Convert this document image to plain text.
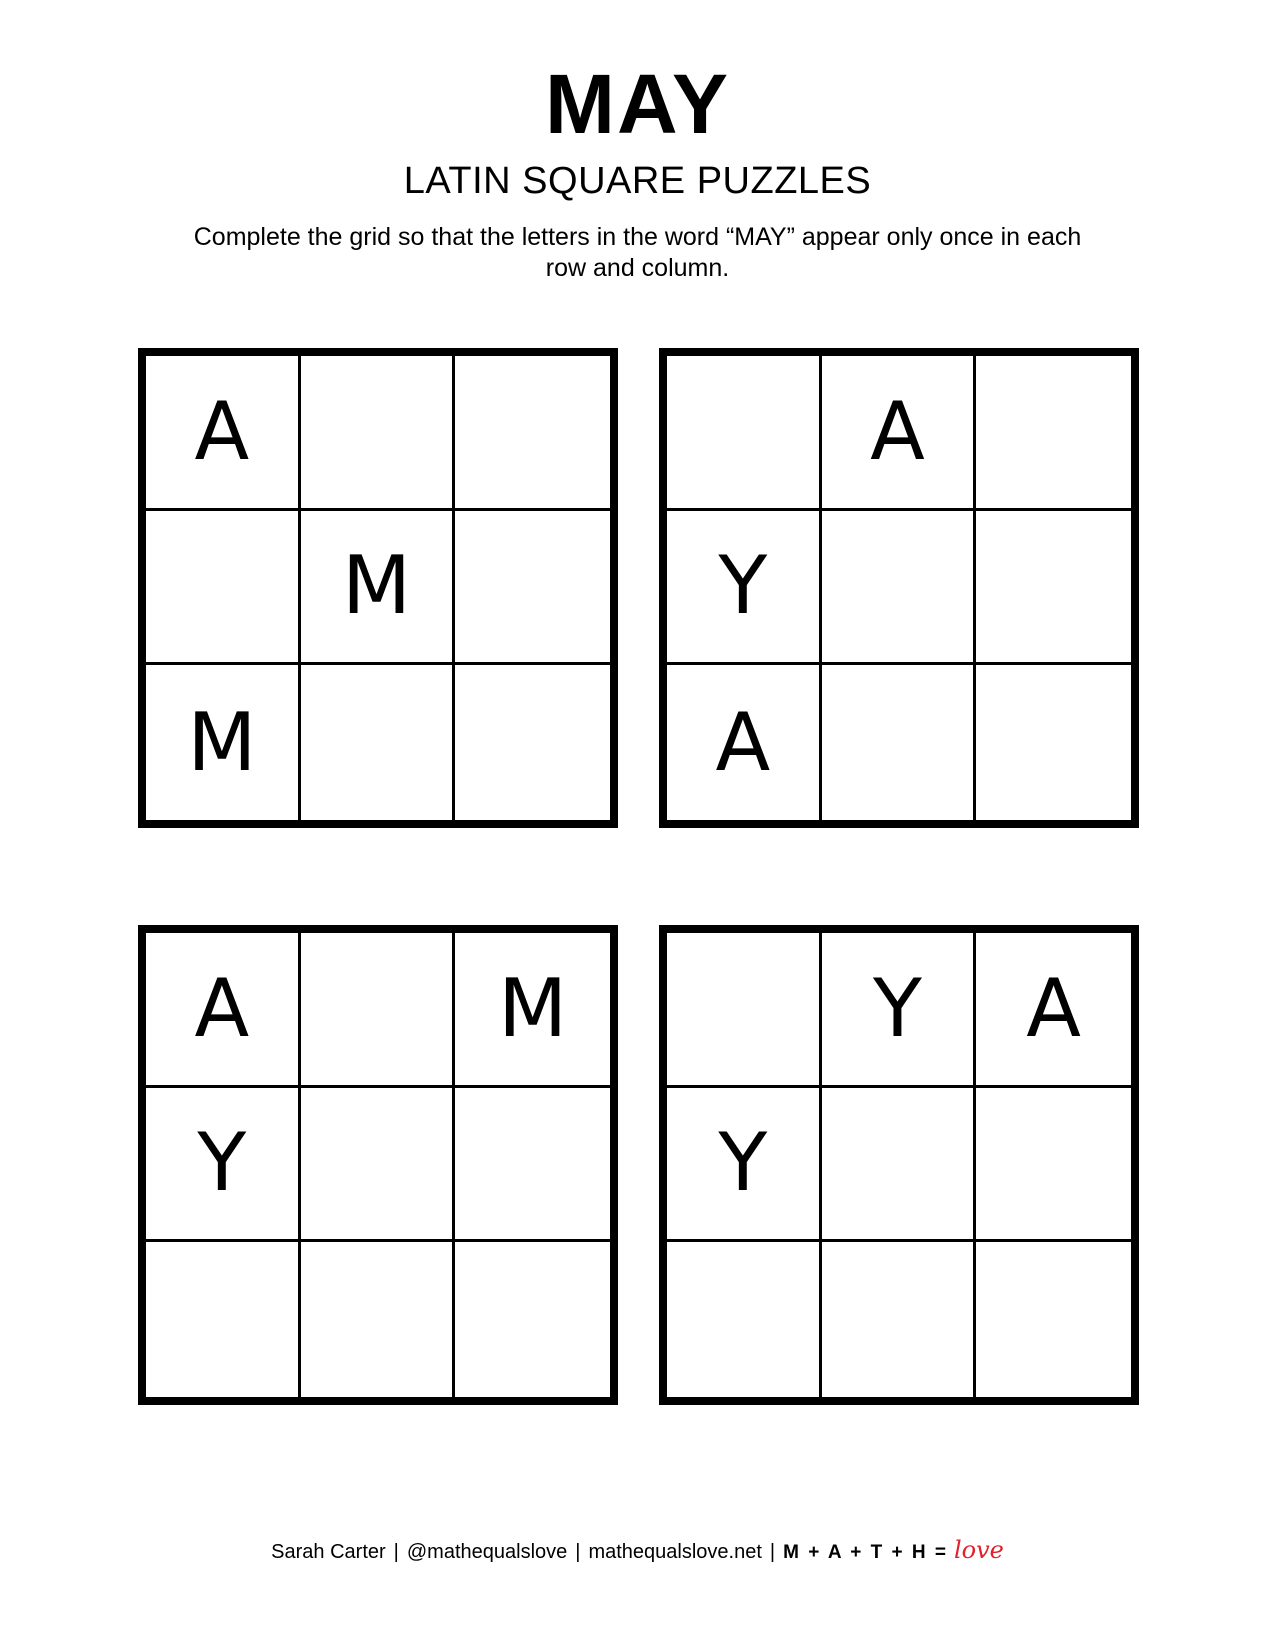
MAY
LATIN SQUARE PUZZLES

Complete the grid so that the letters in the word “MAY” appear only once in each row and column.

A
M
M
A
Y
A
A	M
Y
Y	A
Y
Sarah Carter | @mathequalslove | mathequalslove.net | M + A + T + H = love
